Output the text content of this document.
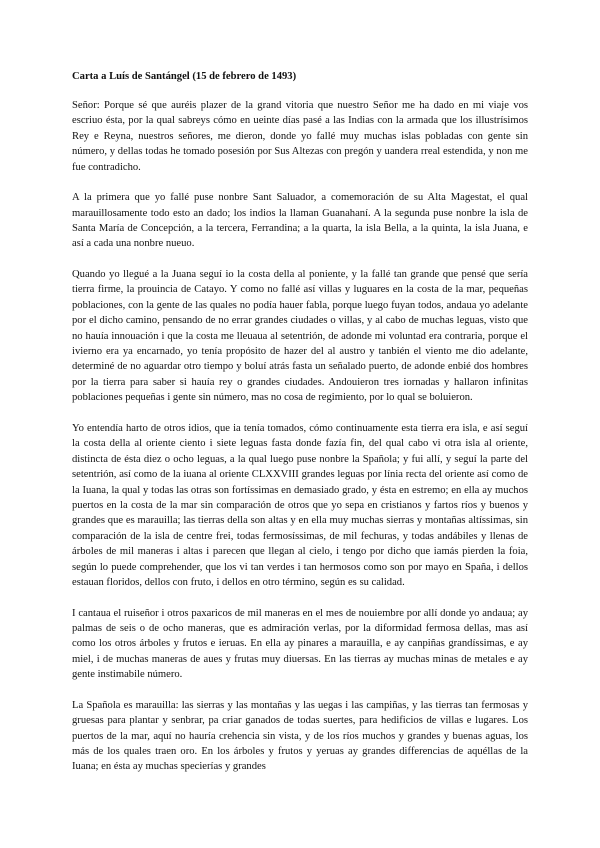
Carta a Luís de Santángel (15 de febrero de 1493)

Señor: Porque sé que auréis plazer de la grand vitoria que nuestro Señor me ha dado en mi viaje vos escriuo ésta, por la qual sabreys cómo en ueinte días pasé a las Indias con la armada que los illustrísimos Rey e Reyna, nuestros señores, me dieron, donde yo fallé muy muchas islas pobladas con gente sin número, y dellas todas he tomado posesión por Sus Altezas con pregón y uandera rreal estendida, y non me fue contradicho.

A la primera que yo fallé puse nonbre Sant Saluador, a comemoración de su Alta Magestat, el qual marauillosamente todo esto an dado; los indios la llaman Guanahaní. A la segunda puse nonbre la isla de Santa María de Concepción, a la tercera, Ferrandina; a la quarta, la isla Bella, a la quinta, la isla Juana, e así a cada una nonbre nueuo.

Quando yo llegué a la Juana seguí io la costa della al poniente, y la fallé tan grande que pensé que sería tierra firme, la prouincia de Catayo. Y como no fallé así villas y luguares en la costa de la mar, pequeñas poblaciones, con la gente de las quales no podía hauer fabla, porque luego fuyan todos, andaua yo adelante por el dicho camino, pensando de no errar grandes ciudades o villas, y al cabo de muchas leguas, visto que no hauía innouación i que la costa me lleuaua al setentrión, de adonde mi voluntad era contraria, porque el ivierno era ya encarnado, yo tenía propósito de hazer del al austro y tanbién el viento me dio adelante, determiné de no aguardar otro tiempo y boluí atrás fasta un señalado puerto, de adonde enbié dos hombres por la tierra para saber si hauía rey o grandes ciudades. Andouieron tres iornadas y hallaron infinitas poblaciones pequeñas i gente sin número, mas no cosa de regimiento, por lo qual se boluieron.

Yo entendía harto de otros idios, que ia tenía tomados, cómo continuamente esta tierra era isla, e así seguí la costa della al oriente ciento i siete leguas fasta donde fazía fin, del qual cabo vi otra isla al oriente, distincta de ésta diez o ocho leguas, a la qual luego puse nonbre la Spañola; y fui allí, y seguí la parte del setentrión, así como de la iuana al oriente CLXXVIII grandes leguas por línia recta del oriente así como de la Iuana, la qual y todas las otras son fortíssimas en demasiado grado, y ésta en estremo; en ella ay muchos puertos en la costa de la mar sin comparación de otros que yo sepa en cristianos y fartos ríos y buenos y grandes que es marauilla; las tierras della son altas y en ella muy muchas sierras y montañas altíssimas, sin comparación de la isla de centre frei, todas fermosíssimas, de mil fechuras, y todas andábiles y llenas de árboles de mil maneras i altas i parecen que llegan al cielo, i tengo por dicho que iamás pierden la foia, según lo puede comprehender, que los vi tan verdes i tan hermosos como son por mayo en Spaña, i dellos estauan floridos, dellos con fruto, i dellos en otro término, según es su calidad.

I cantaua el ruiseñor i otros paxaricos de mil maneras en el mes de nouiembre por allí donde yo andaua; ay palmas de seis o de ocho maneras, que es admiración verlas, por la diformidad fermosa dellas, mas así como los otros árboles y frutos e ieruas. En ella ay pinares a marauilla, e ay canpiñas grandíssimas, e ay miel, i de muchas maneras de aues y frutas muy diuersas. En las tierras ay muchas minas de metales e ay gente instimabile número.

La Spañola es marauilla: las sierras y las montañas y las uegas i las campiñas, y las tierras tan fermosas y gruesas para plantar y senbrar, pa criar ganados de todas suertes, para hedificios de villas e lugares. Los puertos de la mar, aquí no hauría crehencia sin vista, y de los ríos muchos y grandes y buenas aguas, los más de los quales traen oro. En los árboles y frutos y yeruas ay grandes differencias de aquéllas de la Iuana; en ésta ay muchas specierías y grandes
